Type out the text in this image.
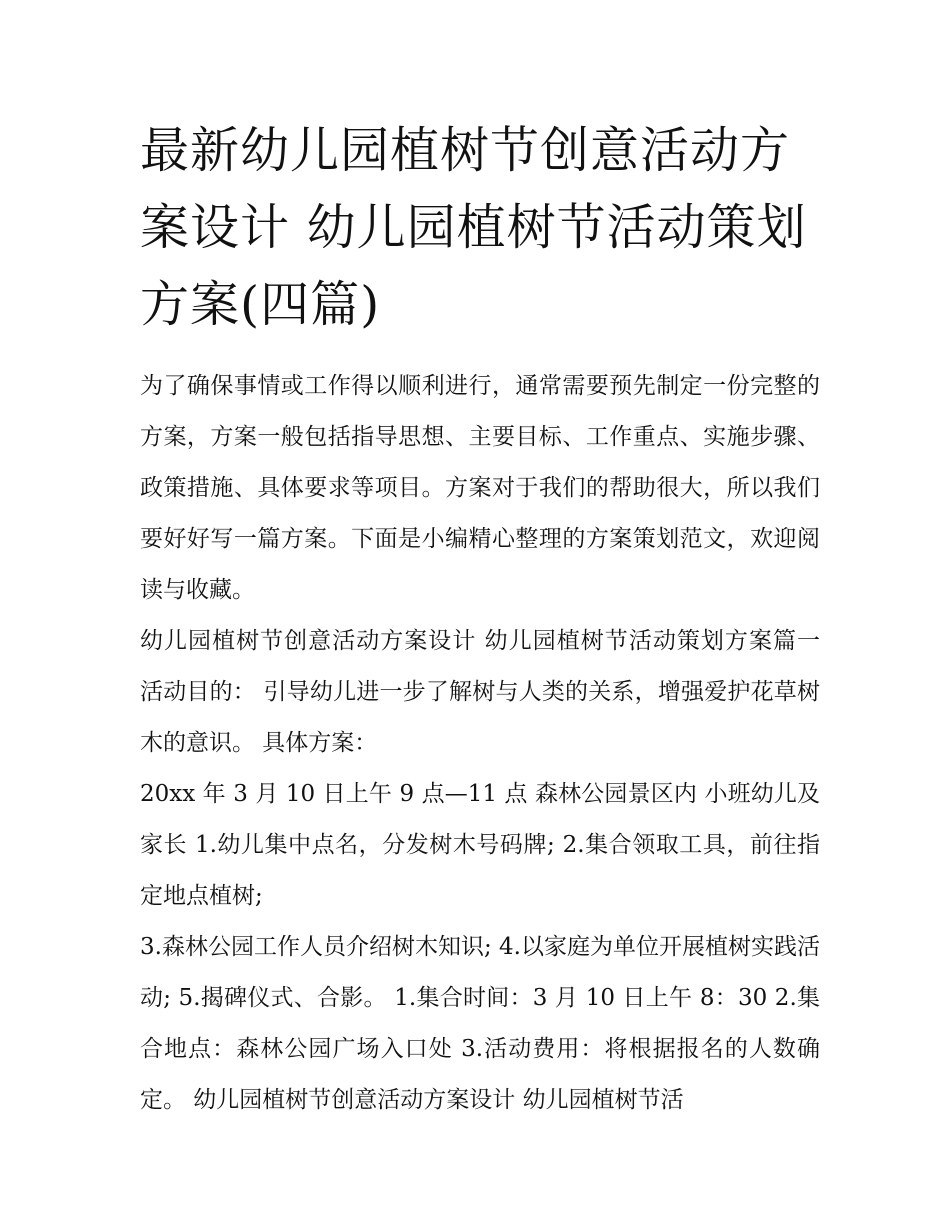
最新幼儿园植树节创意活动方案设计 幼儿园植树节活动策划方案(四篇)

为了确保事情或工作得以顺利进行，通常需要预先制定一份完整的方案，方案一般包括指导思想、主要目标、工作重点、实施步骤、政策措施、具体要求等项目。方案对于我们的帮助很大，所以我们要好好写一篇方案。下面是小编精心整理的方案策划范文，欢迎阅读与收藏。

幼儿园植树节创意活动方案设计 幼儿园植树节活动策划方案篇一 活动目的： 引导幼儿进一步了解树与人类的关系，增强爱护花草树木的意识。 具体方案：

20xx 年 3 月 10 日上午 9 点—11 点 森林公园景区内 小班幼儿及家长 1.幼儿集中点名，分发树木号码牌; 2.集合领取工具，前往指定地点植树;

3.森林公园工作人员介绍树木知识; 4.以家庭为单位开展植树实践活动; 5.揭碑仪式、合影。 1.集合时间：3 月 10 日上午 8：30 2.集合地点：森林公园广场入口处 3.活动费用：将根据报名的人数确定。 幼儿园植树节创意活动方案设计 幼儿园植树节活
